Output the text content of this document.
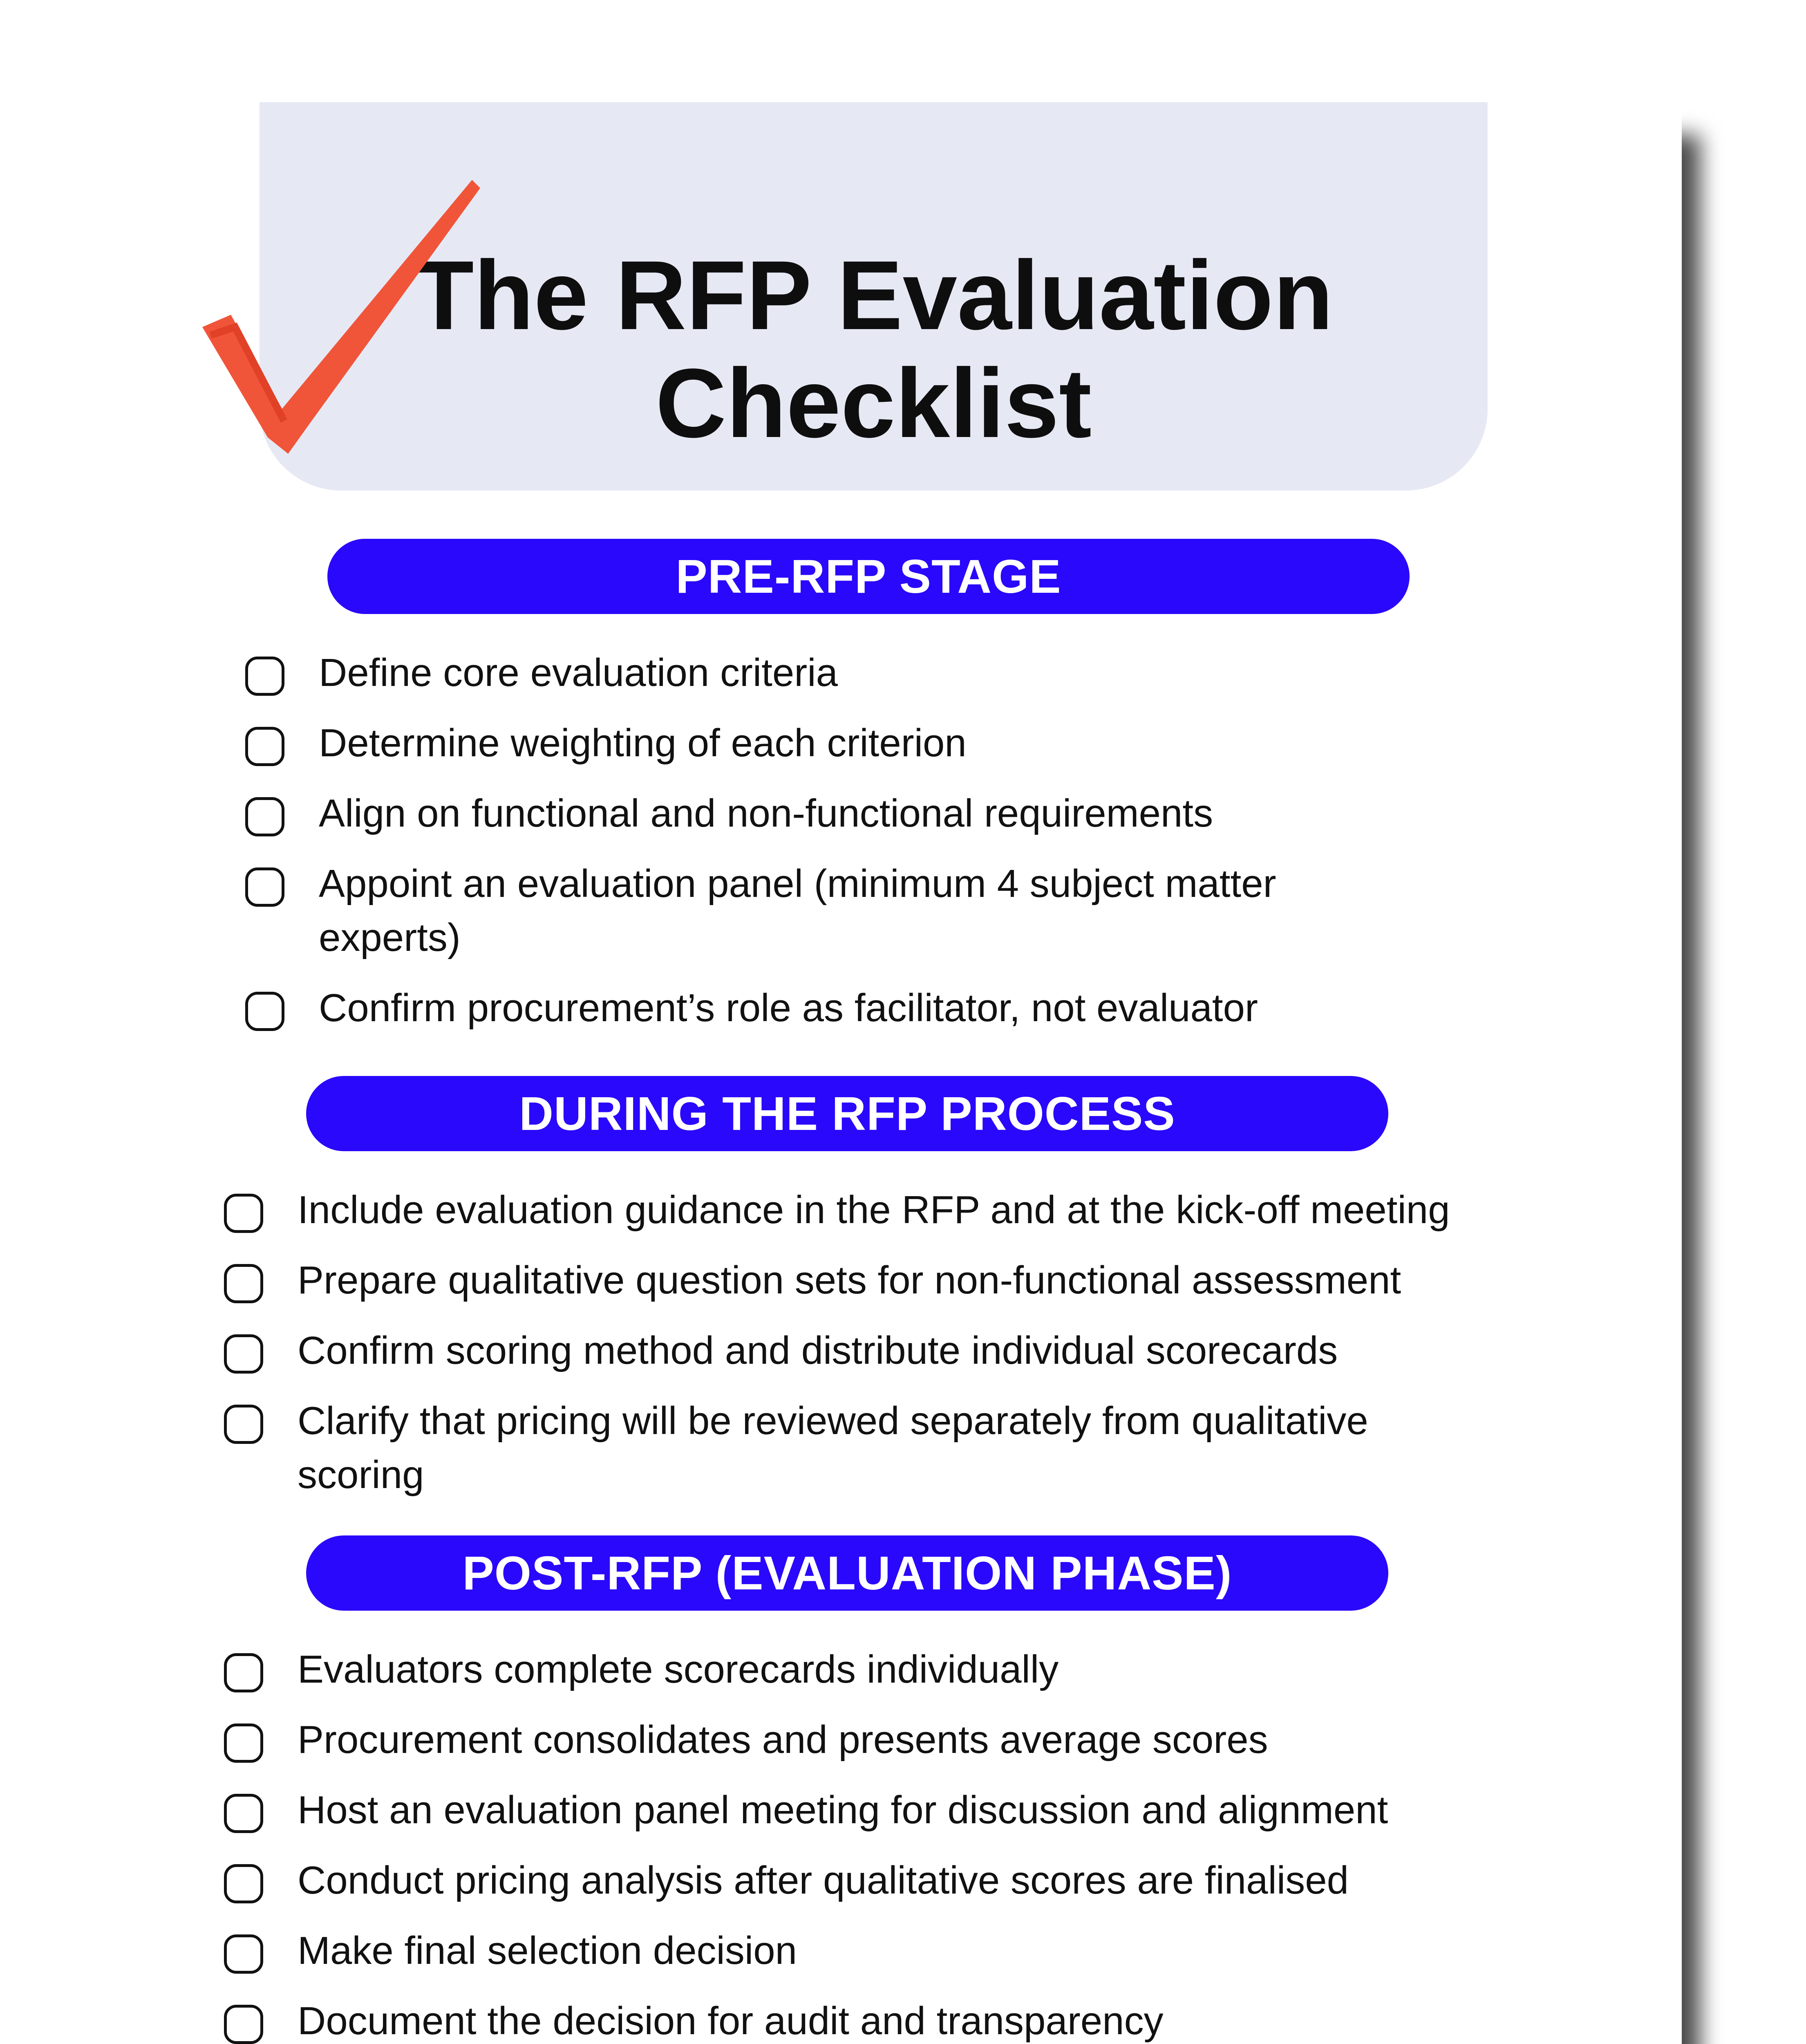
The RFP Evaluation
Checklist
PRE-RFP STAGE
Define core evaluation criteria
Determine weighting of each criterion
Align on functional and non-functional requirements
Appoint an evaluation panel (minimum 4 subject matter experts)
Confirm procurement’s role as facilitator, not evaluator
DURING THE RFP PROCESS
Include evaluation guidance in the RFP and at the kick-off meeting
Prepare qualitative question sets for non-functional assessment
Confirm scoring method and distribute individual scorecards
Clarify that pricing will be reviewed separately from qualitative scoring
POST-RFP (EVALUATION PHASE)
Evaluators complete scorecards individually
Procurement consolidates and presents average scores
Host an evaluation panel meeting for discussion and alignment
Conduct pricing analysis after qualitative scores are finalised
Make final selection decision
Document the decision for audit and transparency
